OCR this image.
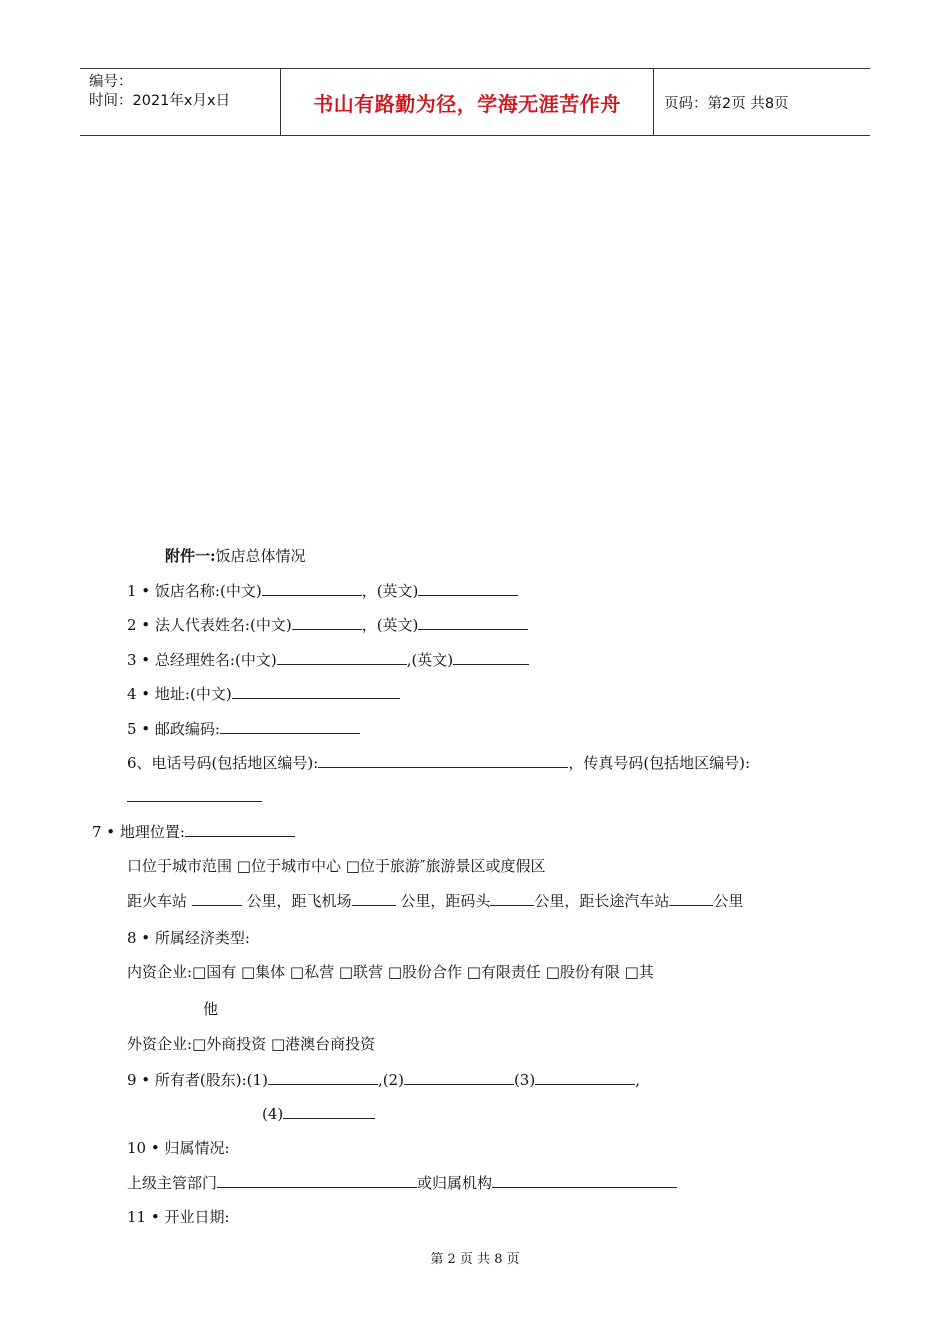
编号：
时间：2021年x月x日	书山有路勤为径，学海无涯苦作舟	页码：第2页 共8页
附件一:饭店总体情况
1 • 饭店名称:(中文)	，(英文)
2 • 法人代表姓名:(中文)	，(英文)
3 • 总经理姓名:(中文)	,(英文)
4 • 地址:(中文)
5 • 邮政编码:
6、电话号码(包括地区编号):	，传真号码(包括地区编号):
7 • 地理位置:
口位于城市范围 □位于城市中心 □位于旅游″旅游景区或度假区
距火车站	公里，距飞机场	公里，距码头	公里，距长途汽车站	公里
8 • 所属经济类型:
内资企业:□国有 □集体 □私营 □联营 □股份合作 □有限责任 □股份有限 □其
他
外资企业:□外商投资 □港澳台商投资
9 • 所有者(股东):(1)	,(2)	(3)	,
(4)
10 • 归属情况:
上级主管部门	或归属机构
11 • 开业日期:
第 2 页 共 8 页
